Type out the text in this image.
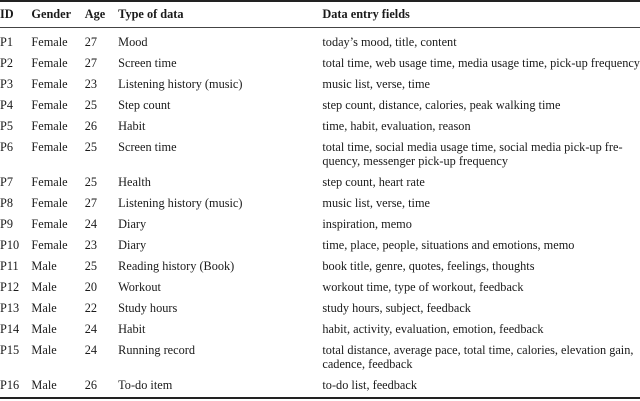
ID	Gender	Age	Type of data	Data entry fields
P1	Female	27	Mood	today’s mood, title, content

P2	Female	27	Screen time	total time, web usage time, media usage time, pick-up frequency

P3	Female	23	Listening history (music)	music list, verse, time

P4	Female	25	Step count	step count, distance, calories, peak walking time

P5	Female	26	Habit	time, habit, evaluation, reason

P6	Female	25	Screen time	total time, social media usage time, social media pick-up fre-
quency, messenger pick-up frequency

P7	Female	25	Health	step count, heart rate

P8	Female	27	Listening history (music)	music list, verse, time

P9	Female	24	Diary	inspiration, memo

P10	Female	23	Diary	time, place, people, situations and emotions, memo

P11	Male	25	Reading history (Book)	book title, genre, quotes, feelings, thoughts

P12	Male	20	Workout	workout time, type of workout, feedback

P13	Male	22	Study hours	study hours, subject, feedback

P14	Male	24	Habit	habit, activity, evaluation, emotion, feedback

P15	Male	24	Running record	total distance, average pace, total time, calories, elevation gain,
cadence, feedback

P16	Male	26	To-do item	to-do list, feedback
